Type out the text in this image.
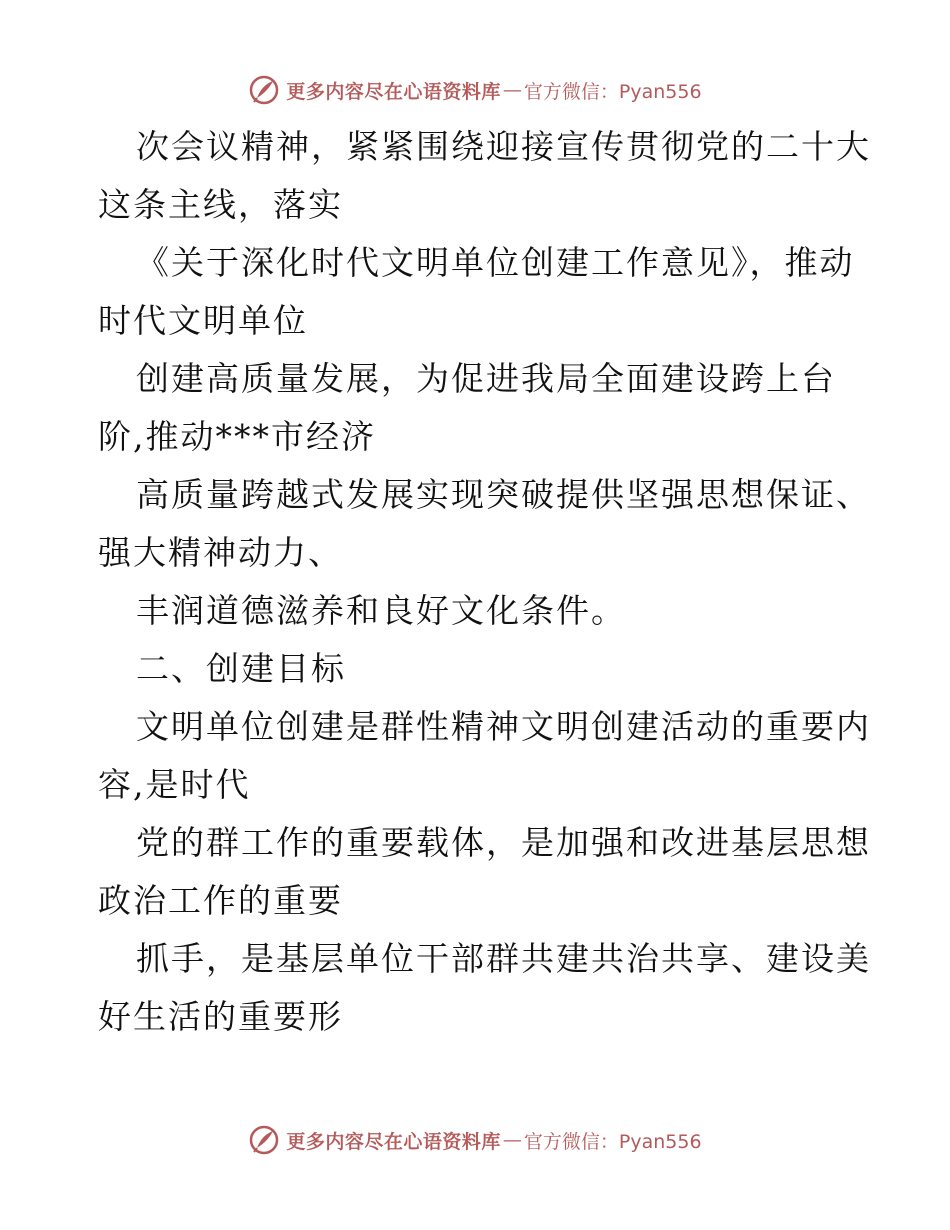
更多内容尽在心语资料库 — 官方微信：Pyan556
次会议精神，紧紧围绕迎接宣传贯彻党的二十大
这条主线，落实
《关于深化时代文明单位创建工作意见》，推动
时代文明单位
创建高质量发展，为促进我局全面建设跨上台
阶,推动***市经济
高质量跨越式发展实现突破提供坚强思想保证、
强大精神动力、
丰润道德滋养和良好文化条件。
二、创建目标
文明单位创建是群性精神文明创建活动的重要内
容,是时代
党的群工作的重要载体，是加强和改进基层思想
政治工作的重要
抓手，是基层单位干部群共建共治共享、建设美
好生活的重要形
更多内容尽在心语资料库 — 官方微信：Pyan556
